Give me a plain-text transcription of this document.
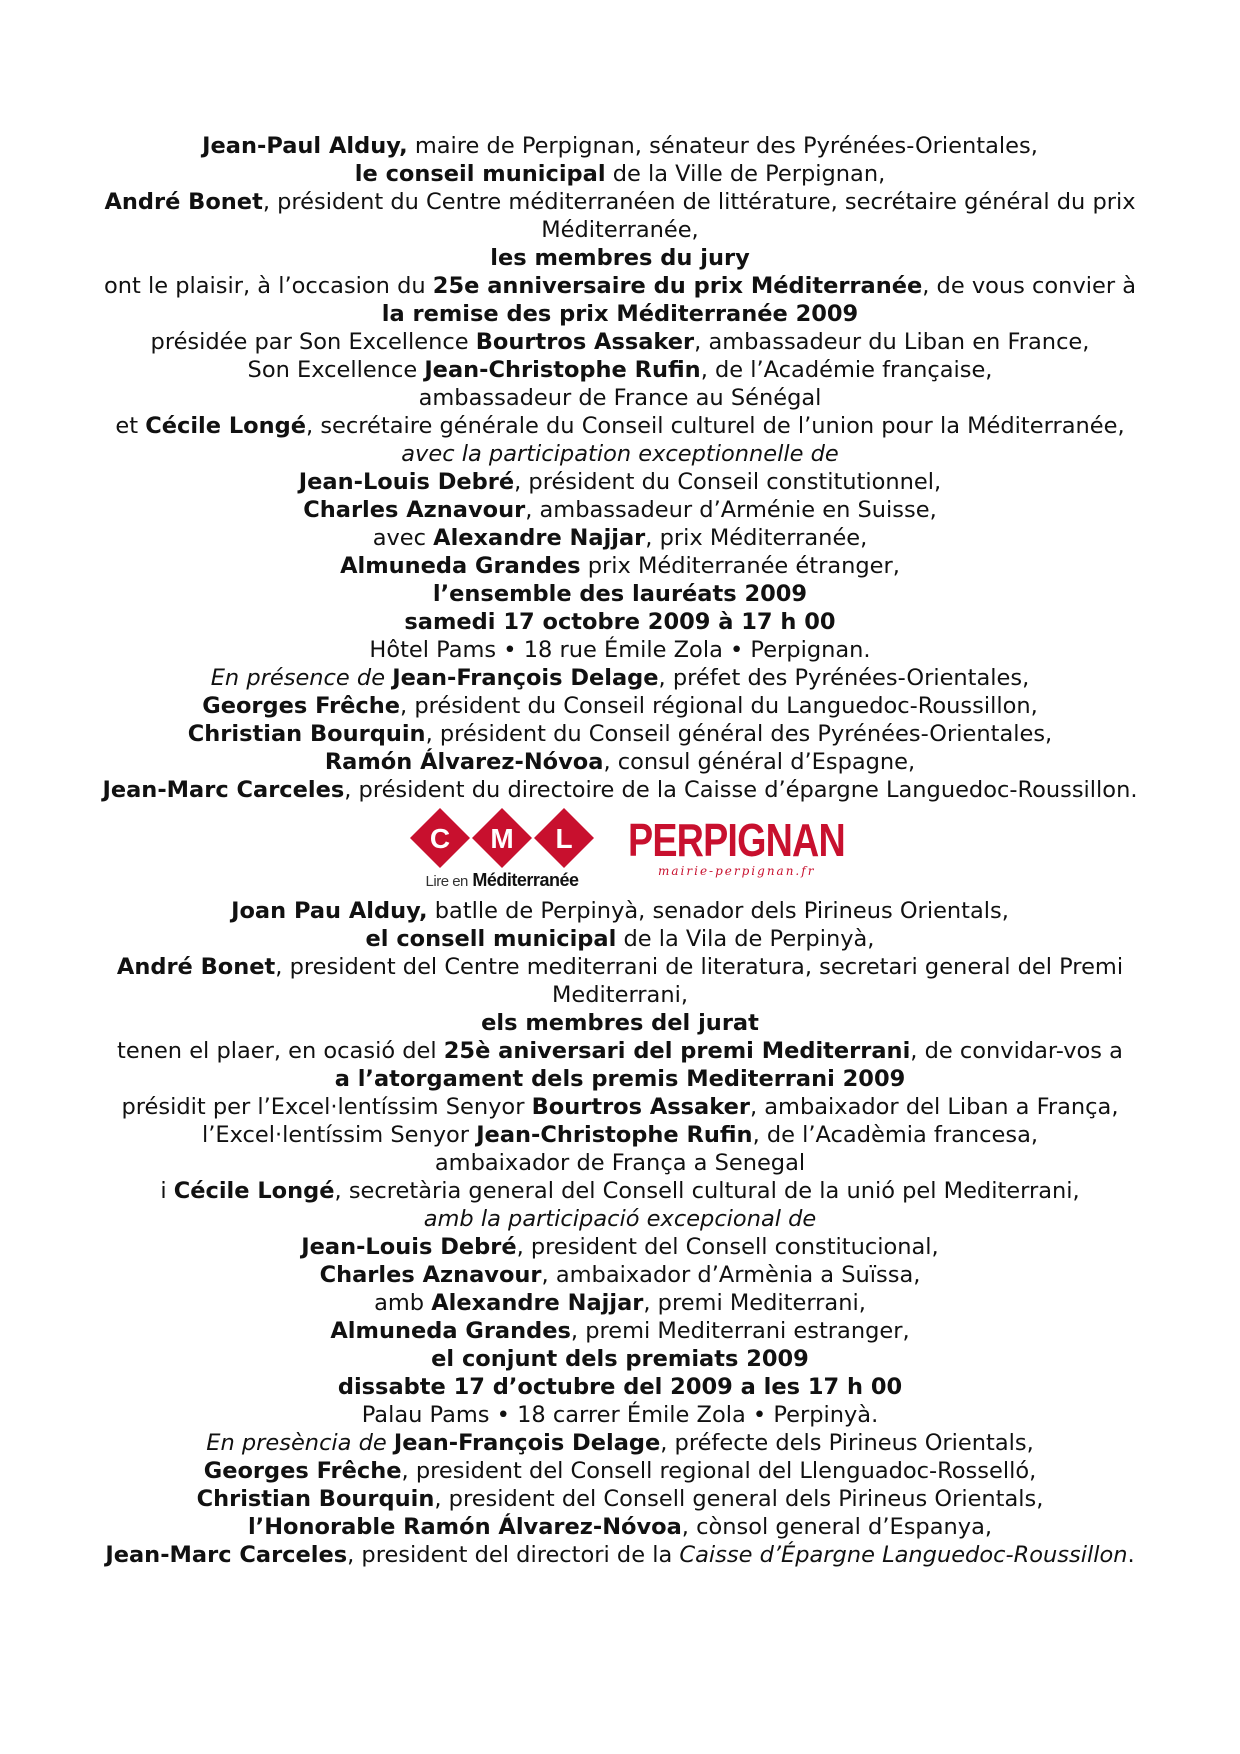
Jean-Paul Alduy, maire de Perpignan, sénateur des Pyrénées-Orientales,

le conseil municipal de la Ville de Perpignan,

André Bonet, président du Centre méditerranéen de littérature, secrétaire général du prix

Méditerranée,

les membres du jury

ont le plaisir, à l’occasion du 25e anniversaire du prix Méditerranée, de vous convier à

la remise des prix Méditerranée 2009

présidée par Son Excellence Bourtros Assaker, ambassadeur du Liban en France,

Son Excellence Jean-Christophe Rufin, de l’Académie française,

ambassadeur de France au Sénégal

et Cécile Longé, secrétaire générale du Conseil culturel de l’union pour la Méditerranée,

avec la participation exceptionnelle de

Jean-Louis Debré, président du Conseil constitutionnel,

Charles Aznavour, ambassadeur d’Arménie en Suisse,

avec Alexandre Najjar, prix Méditerranée,

Almuneda Grandes prix Méditerranée étranger,

l’ensemble des lauréats 2009

samedi 17 octobre 2009 à 17 h 00

Hôtel Pams • 18 rue Émile Zola • Perpignan.

En présence de Jean-François Delage, préfet des Pyrénées-Orientales,

Georges Frêche, président du Conseil régional du Languedoc-Roussillon,

Christian Bourquin, président du Conseil général des Pyrénées-Orientales,

Ramón Álvarez-Nóvoa, consul général d’Espagne,

Jean-Marc Carceles, président du directoire de la Caisse d’épargne Languedoc-Roussillon.

C M L
Lire en Méditerranée
PERPIGNAN
mairie-perpignan.fr

Joan Pau Alduy, batlle de Perpinyà, senador dels Pirineus Orientals,

el consell municipal de la Vila de Perpinyà,

André Bonet, president del Centre mediterrani de literatura, secretari general del Premi

Mediterrani,

els membres del jurat

tenen el plaer, en ocasió del 25è aniversari del premi Mediterrani, de convidar-vos a

a l’atorgament dels premis Mediterrani 2009

présidit per l’Excel·lentíssim Senyor Bourtros Assaker, ambaixador del Liban a França,

l’Excel·lentíssim Senyor Jean-Christophe Rufin, de l’Acadèmia francesa,

ambaixador de França a Senegal

i Cécile Longé, secretària general del Consell cultural de la unió pel Mediterrani,

amb la participació excepcional de

Jean-Louis Debré, president del Consell constitucional,

Charles Aznavour, ambaixador d’Armènia a Suïssa,

amb Alexandre Najjar, premi Mediterrani,

Almuneda Grandes, premi Mediterrani estranger,

el conjunt dels premiats 2009

dissabte 17 d’octubre del 2009 a les 17 h 00

Palau Pams • 18 carrer Émile Zola • Perpinyà.

En presència de Jean-François Delage, préfecte dels Pirineus Orientals,

Georges Frêche, president del Consell regional del Llenguadoc-Rosselló,

Christian Bourquin, president del Consell general dels Pirineus Orientals,

l’Honorable Ramón Álvarez-Nóvoa, cònsol general d’Espanya,

Jean-Marc Carceles, president del directori de la Caisse d’Épargne Languedoc-Roussillon.
